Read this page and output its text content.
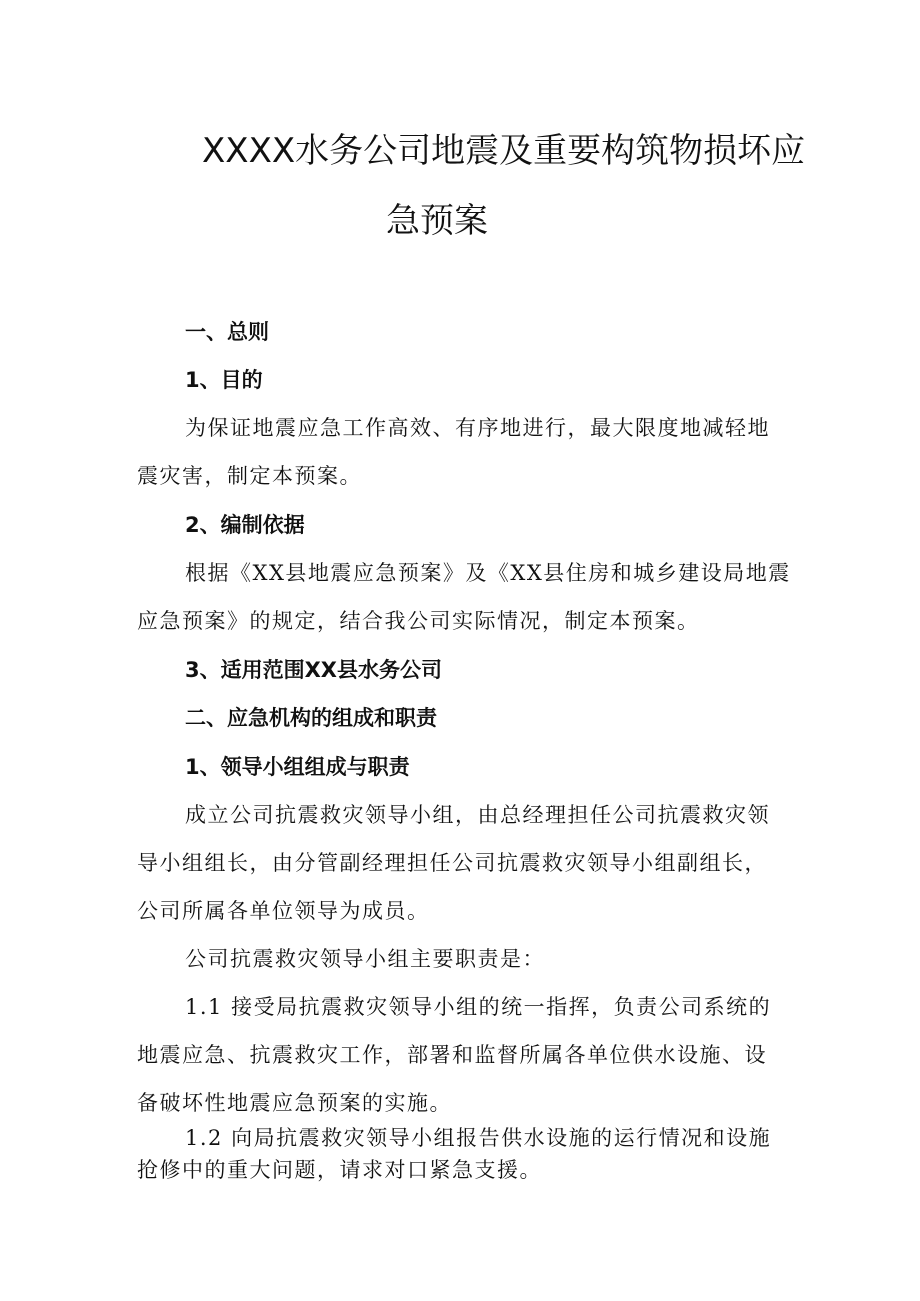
XXXX水务公司地震及重要构筑物损坏应
急预案
一、总则
1、目的
为保证地震应急工作高效、有序地进行，最大限度地减轻地
震灾害，制定本预案。
2、编制依据
根据《XX县地震应急预案》及《XX县住房和城乡建设局地震
应急预案》的规定，结合我公司实际情况，制定本预案。
3、适用范围XX县水务公司
二、应急机构的组成和职责
1、领导小组组成与职责
成立公司抗震救灾领导小组，由总经理担任公司抗震救灾领
导小组组长，由分管副经理担任公司抗震救灾领导小组副组长，
公司所属各单位领导为成员。
公司抗震救灾领导小组主要职责是：
1.1 接受局抗震救灾领导小组的统一指挥，负责公司系统的
地震应急、抗震救灾工作，部署和监督所属各单位供水设施、设
备破坏性地震应急预案的实施。
1.2 向局抗震救灾领导小组报告供水设施的运行情况和设施
抢修中的重大问题，请求对口紧急支援。
